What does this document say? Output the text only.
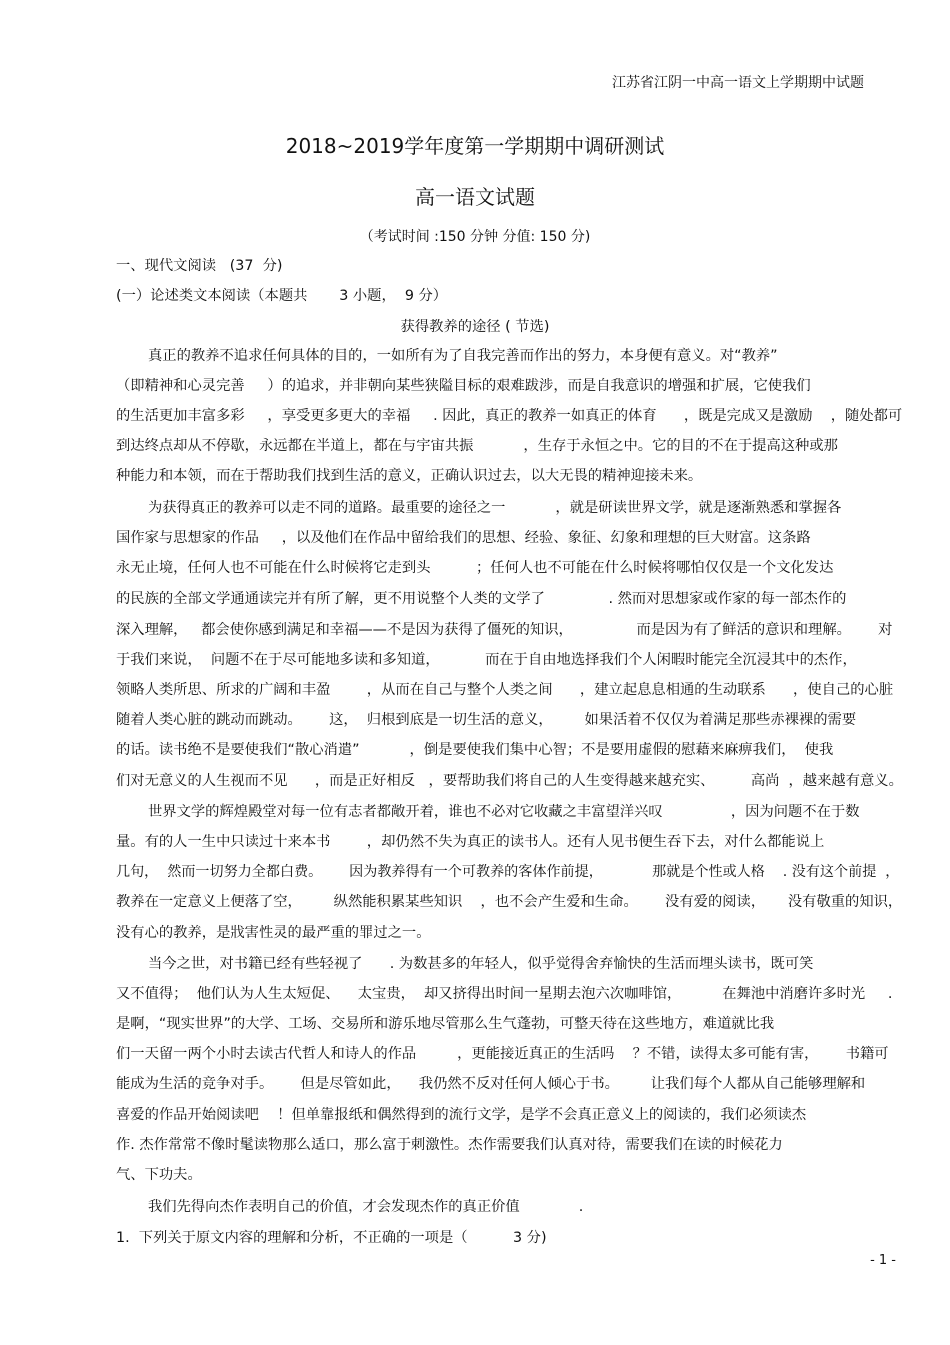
江苏省江阴一中高一语文上学期期中试题
2018~2019学年度第一学期期中调研测试
高一语文试题
（考试时间 :150 分钟 分值: 150 分)
一、现代文阅读   (37  分)
(一）论述类文本阅读（本题共       3 小题，  9 分）
获得教养的途径 ( 节选)
真正的教养不追求任何具体的目的，一如所有为了自我完善而作出的努力，本身便有意义。对“教养”
（即精神和心灵完善     ）的追求，并非朝向某些狭隘目标的艰难跋涉，而是自我意识的增强和扩展，它使我们
的生活更加丰富多彩     ，享受更多更大的幸福     . 因此，真正的教养一如真正的体育      ，既是完成又是激励    ，随处都可
到达终点却从不停歇，永远都在半道上，都在与宇宙共振           ，生存于永恒之中。它的目的不在于提高这种或那
种能力和本领，而在于帮助我们找到生活的意义，正确认识过去，以大无畏的精神迎接未来。
为获得真正的教养可以走不同的道路。最重要的途径之一           ，就是研读世界文学，就是逐渐熟悉和掌握各
国作家与思想家的作品     ，以及他们在作品中留给我们的思想、经验、象征、幻象和理想的巨大财富。这条路
永无止境，任何人也不可能在什么时候将它走到头          ；任何人也不可能在什么时候将哪怕仅仅是一个文化发达
的民族的全部文学通通读完并有所了解，更不用说整个人类的文学了              . 然而对思想家或作家的每一部杰作的
深入理解，   都会使你感到满足和幸福——不是因为获得了僵死的知识，              而是因为有了鲜活的意识和理解。      对
于我们来说，  问题不在于尽可能地多读和多知道，          而在于自由地选择我们个人闲暇时能完全沉浸其中的杰作，
领略人类所思、所求的广阔和丰盈        ，从而在自己与整个人类之间      ，建立起息息相通的生动联系      ，使自己的心脏
随着人类心脏的跳动而跳动。      这，  归根到底是一切生活的意义，       如果活着不仅仅为着满足那些赤裸裸的需要
的话。读书绝不是要使我们“散心消遣”           ，倒是要使我们集中心智；不是要用虚假的慰藉来麻痹我们，  使我
们对无意义的人生视而不见      ，而是正好相反   ，要帮助我们将自己的人生变得越来越充实、        高尚  ，越来越有意义。
世界文学的辉煌殿堂对每一位有志者都敞开着，谁也不必对它收藏之丰富望洋兴叹               ，因为问题不在于数
量。有的人一生中只读过十来本书        ，却仍然不失为真正的读书人。还有人见书便生吞下去，对什么都能说上
几句，  然而一切努力全都白费。      因为教养得有一个可教养的客体作前提，           那就是个性或人格    . 没有这个前提  ，
教养在一定意义上便落了空，       纵然能积累某些知识    ，也不会产生爱和生命。      没有爱的阅读，     没有敬重的知识，
没有心的教养，是戕害性灵的最严重的罪过之一。
当今之世，对书籍已经有些轻视了      . 为数甚多的年轻人，似乎觉得舍弃愉快的生活而埋头读书，既可笑
又不值得；  他们认为人生太短促、    太宝贵，  却又挤得出时间一星期去泡六次咖啡馆，         在舞池中消磨许多时光     .
是啊，“现实世界”的大学、工场、交易所和游乐地尽管那么生气蓬勃，可整天待在这些地方，难道就比我
们一天留一两个小时去读古代哲人和诗人的作品         ，更能接近真正的生活吗    ？不错，读得太多可能有害，      书籍可
能成为生活的竞争对手。      但是尽管如此，    我仍然不反对任何人倾心于书。       让我们每个人都从自己能够理解和
喜爱的作品开始阅读吧    ！但单靠报纸和偶然得到的流行文学，是学不会真正意义上的阅读的，我们必须读杰
作. 杰作常常不像时髦读物那么适口，那么富于刺激性。杰作需要我们认真对待，需要我们在读的时候花力
气、下功夫。
我们先得向杰作表明自己的价值，才会发现杰作的真正价值             .
1.  下列关于原文内容的理解和分析，不正确的一项是（          3 分)
- 1 -
